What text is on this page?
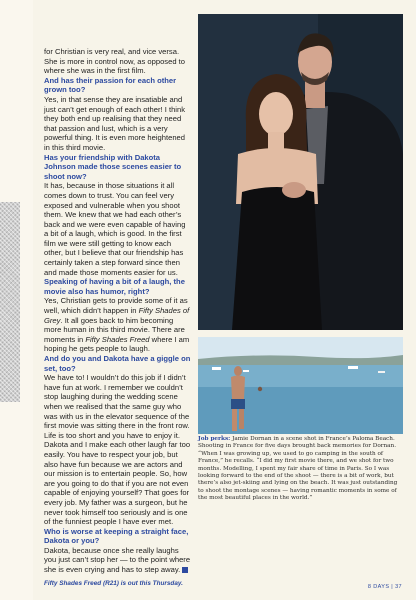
for Christian is very real, and vice versa. She is more in control now, as opposed to where she was in the first film.

And has their passion for each other grown too?

Yes, in that sense they are insatiable and just can’t get enough of each other! I think they both end up realising that they need that passion and lust, which is a very powerful thing. It is even more heightened in this third movie.

Has your friendship with Dakota Johnson made those scenes easier to shoot now?

It has, because in those situations it all comes down to trust. You can feel very exposed and vulnerable when you shoot them. We knew that we had each other’s back and we were even capable of having a bit of a laugh, which is good. In the first film we were still getting to know each other, but I believe that our friendship has certainly taken a step forward since then and made those moments easier for us.

Speaking of having a bit of a laugh, the movie also has humor, right?

Yes, Christian gets to provide some of it as well, which didn’t happen in Fifty Shades of Grey. It all goes back to him becoming more human in this third movie. There are moments in Fifty Shades Freed where I am hoping he gets people to laugh.

And do you and Dakota have a giggle on set, too?

We have to! I wouldn’t do this job if I didn’t have fun at work. I remember we couldn’t stop laughing during the wedding scene when we realised that the same guy who was with us in the elevator sequence of the first movie was sitting there in the front row. Life is too short and you have to enjoy it. Dakota and I make each other laugh far too easily. You have to respect your job, but also have fun because we are actors and our mission is to entertain people. So, how are you going to do that if you are not even capable of enjoying yourself? That goes for every job. My father was a surgeon, but he never took himself too seriously and is one of the funniest people I have ever met.

Who is worse at keeping a straight face, Dakota or you?

Dakota, because once she really laughs you just can’t stop her — to the point where she is even crying and has to step away.

Fifty Shades Freed (R21) is out this Thursday.
Job perks: Jamie Dornan in a scene shot in France’s Paloma Beach. Shooting in France for five days brought back memories for Dornan. “When I was growing up, we used to go camping in the south of France,” he recalls. “I did my first movie there, and we shot for two months. Modelling, I spent my fair share of time in Paris. So I was looking forward to the end of the shoot — there is a bit of work, but there’s also jet-skiing and lying on the beach. It was just outstanding to shoot the montage scenes — having romantic moments in some of the most beautiful places in the world.”
8 DAYS | 37
